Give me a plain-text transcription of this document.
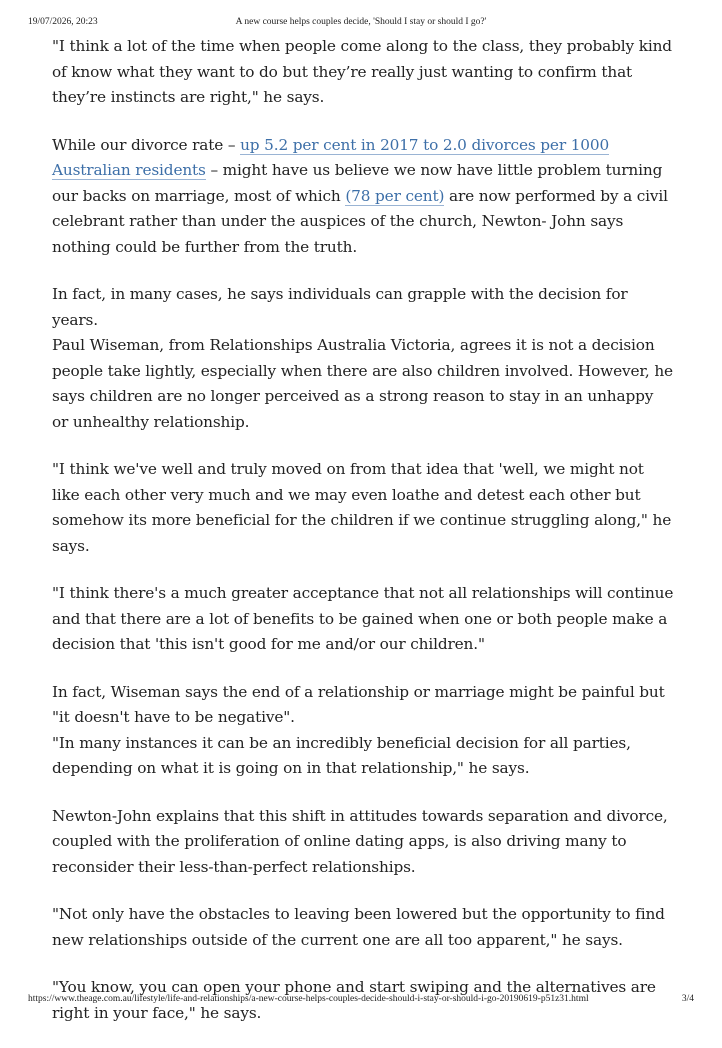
19/07/2026, 20:23	A new course helps couples decide, 'Should I stay or should I go?'

"I think a lot of the time when people come along to the class, they probably kind of know what they want to do but they’re really just wanting to confirm that they’re instincts are right," he says.

While our divorce rate – up 5.2 per cent in 2017 to 2.0 divorces per 1000 Australian residents – might have us believe we now have little problem turning our backs on marriage, most of which (78 per cent) are now performed by a civil celebrant rather than under the auspices of the church, Newton- John says nothing could be further from the truth.

In fact, in many cases, he says individuals can grapple with the decision for years.

Paul Wiseman, from Relationships Australia Victoria, agrees it is not a decision people take lightly, especially when there are also children involved. However, he says children are no longer perceived as a strong reason to stay in an unhappy or unhealthy relationship.

"I think we've well and truly moved on from that idea that 'well, we might not like each other very much and we may even loathe and detest each other but somehow its more beneficial for the children if we continue struggling along," he says.

"I think there's a much greater acceptance that not all relationships will continue and that there are a lot of benefits to be gained when one or both people make a decision that 'this isn't good for me and/or our children."

In fact, Wiseman says the end of a relationship or marriage might be painful but "it doesn't have to be negative".

"In many instances it can be an incredibly beneficial decision for all parties, depending on what it is going on in that relationship," he says.

Newton-John explains that this shift in attitudes towards separation and divorce, coupled with the proliferation of online dating apps, is also driving many to reconsider their less-than-perfect relationships.

"Not only have the obstacles to leaving been lowered but the opportunity to find new relationships outside of the current one are all too apparent," he says.

"You know, you can open your phone and start swiping and the alternatives are right in your face," he says.

https://www.theage.com.au/lifestyle/life-and-relationships/a-new-course-helps-couples-decide-should-i-stay-or-should-i-go-20190619-p51z31.html	3/4
